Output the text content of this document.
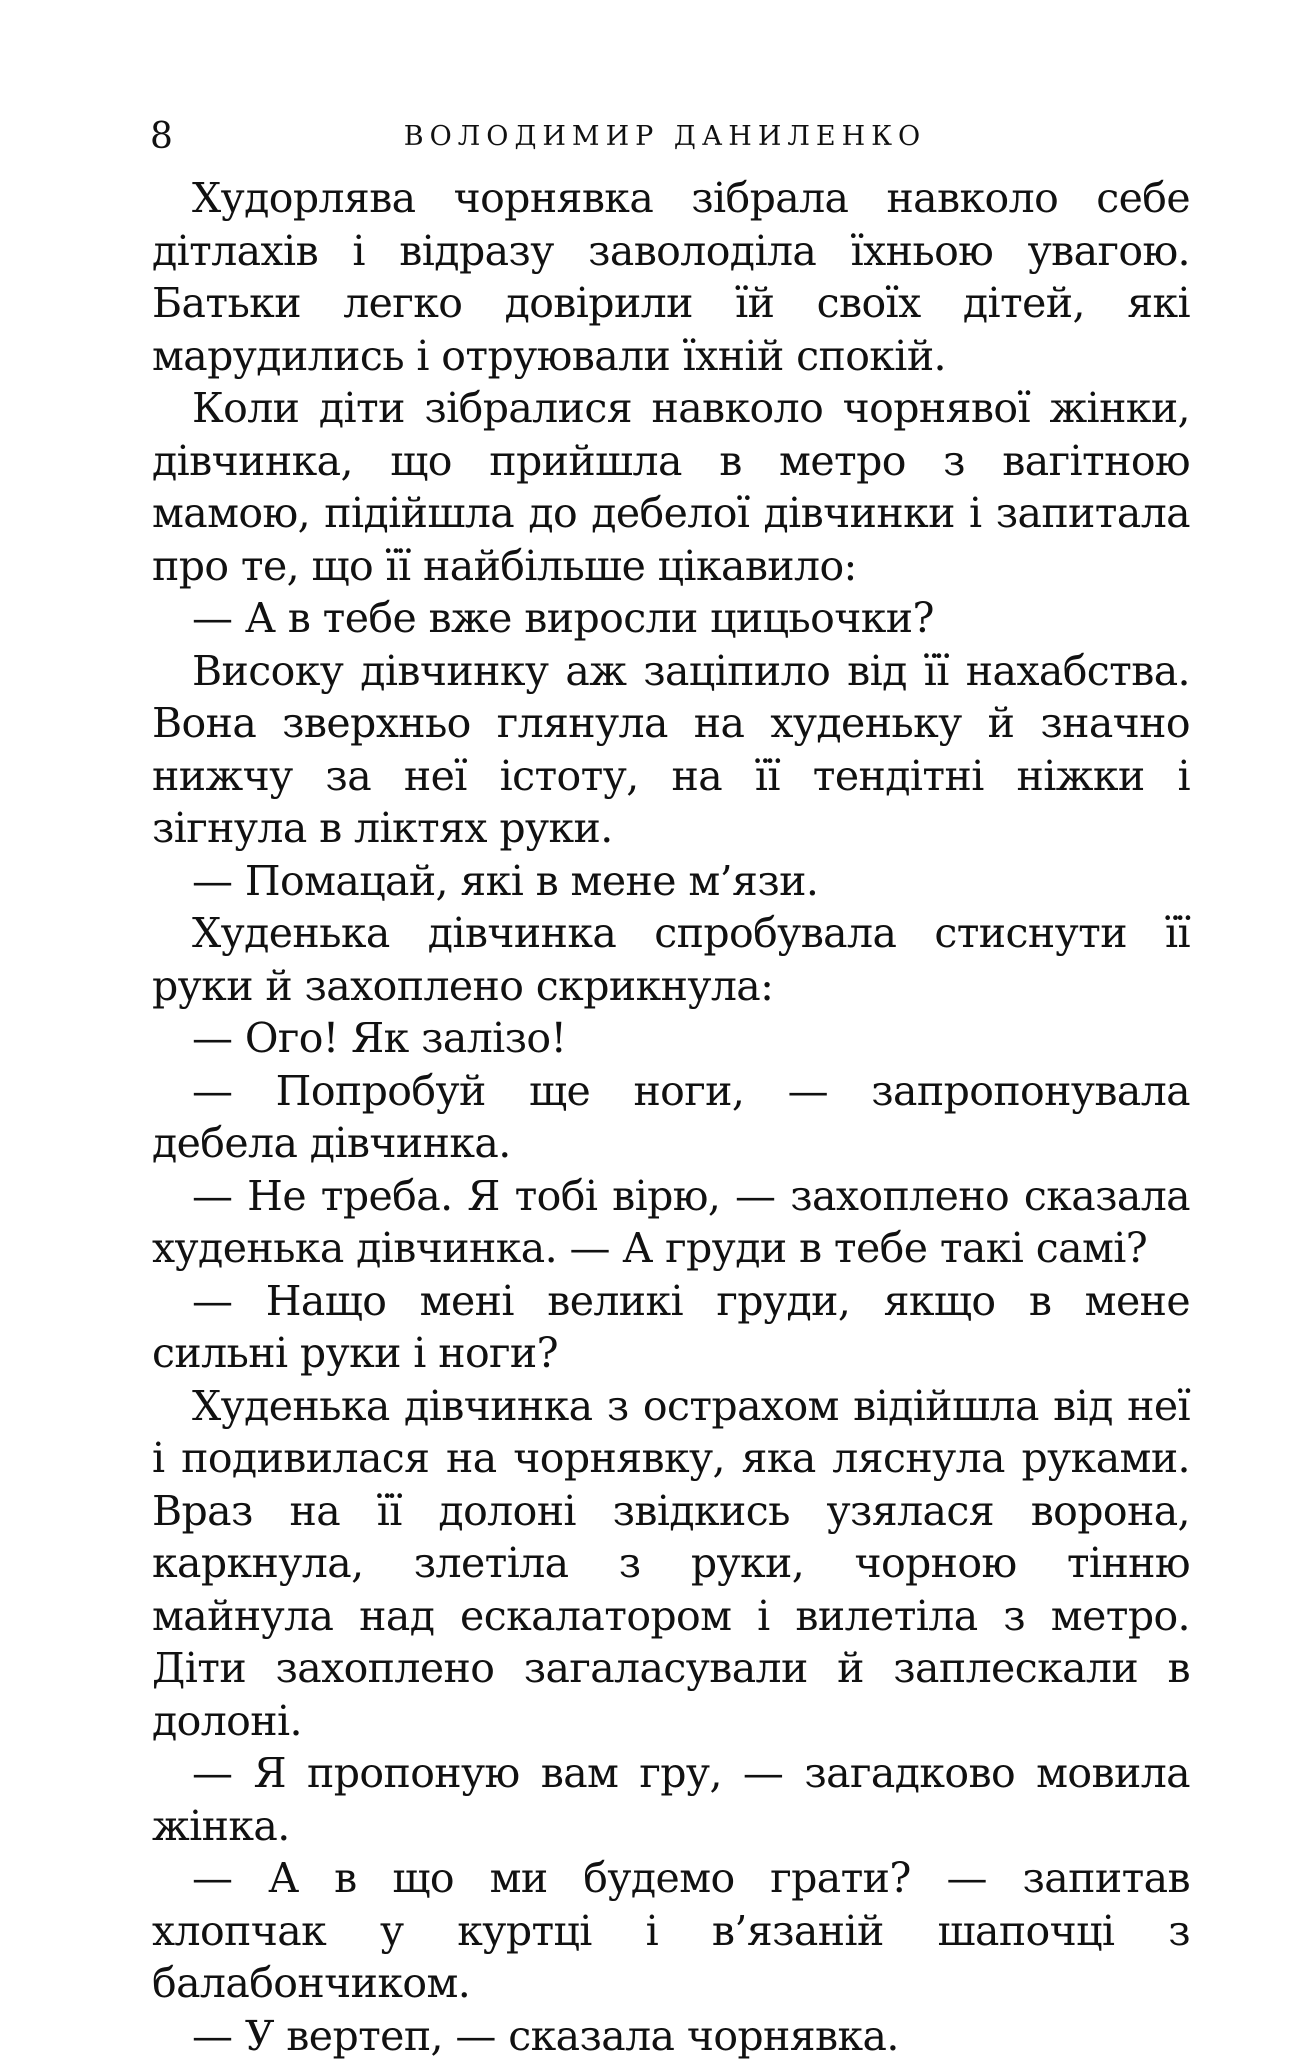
8	ВОЛОДИМИР ДАНИЛЕНКО

Худорлява чорнявка зібрала навколо себе дітлахів і відразу заволоділа їхньою увагою. Батьки легко довірили їй своїх дітей, які марудились і отруювали їхній спокій.

Коли діти зібралися навколо чорнявої жінки, дівчинка, що прийшла в метро з вагітною мамою, підійшла до дебелої дівчинки і запитала про те, що її найбільше цікавило:

— А в тебе вже виросли цицьочки?

Високу дівчинку аж заціпило від її нахабства. Вона зверхньо глянула на худеньку й значно нижчу за неї істоту, на її тендітні ніжки і зігнула в ліктях руки.

— Помацай, які в мене м’язи.

Худенька дівчинка спробувала стиснути її руки й захоплено скрикнула:

— Ого! Як залізо!

— Попробуй ще ноги, — запропонувала дебела дівчинка.

— Не треба. Я тобі вірю, — захоплено сказала худенька дівчинка. — А груди в тебе такі самі?

— Нащо мені великі груди, якщо в мене сильні руки і ноги?

Худенька дівчинка з острахом відійшла від неї і подивилася на чорнявку, яка ляснула руками. Враз на її долоні звідкись узялася ворона, каркнула, злетіла з руки, чорною тінню майнула над ескалатором і вилетіла з метро. Діти захоплено загаласували й заплескали в долоні.

— Я пропоную вам гру, — загадково мовила жінка.

— А в що ми будемо грати? — запитав хлопчак у куртці і в’язаній шапочці з балабончиком.

— У вертеп, — сказала чорнявка.
